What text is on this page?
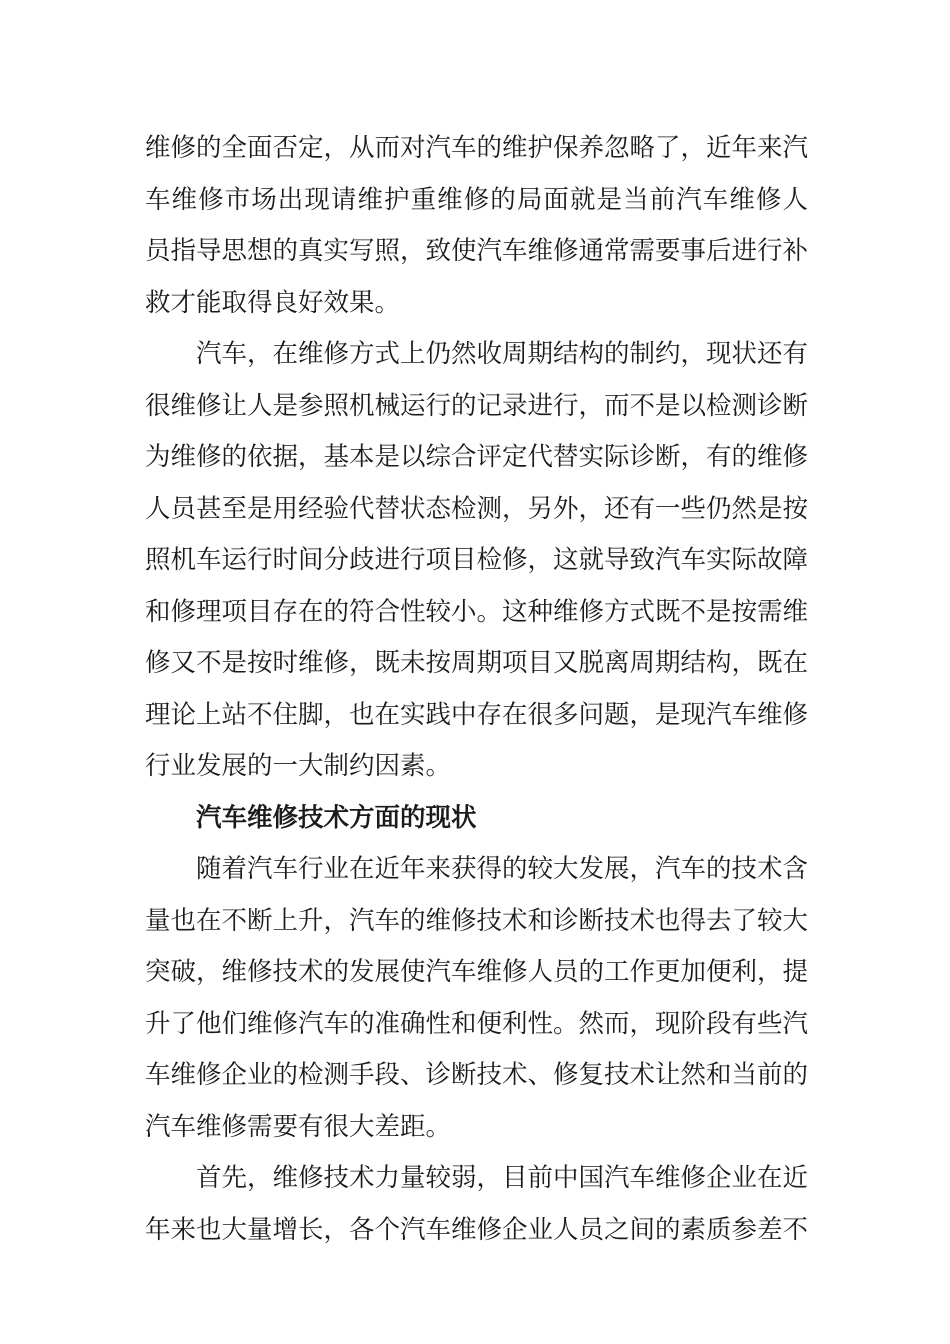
维修的全面否定，从而对汽车的维护保养忽略了，近年来汽
车维修市场出现请维护重维修的局面就是当前汽车维修人
员指导思想的真实写照，致使汽车维修通常需要事后进行补
救才能取得良好效果。
汽车，在维修方式上仍然收周期结构的制约，现状还有
很维修让人是参照机械运行的记录进行，而不是以检测诊断
为维修的依据，基本是以综合评定代替实际诊断，有的维修
人员甚至是用经验代替状态检测，另外，还有一些仍然是按
照机车运行时间分歧进行项目检修，这就导致汽车实际故障
和修理项目存在的符合性较小。这种维修方式既不是按需维
修又不是按时维修，既未按周期项目又脱离周期结构，既在
理论上站不住脚，也在实践中存在很多问题，是现汽车维修
行业发展的一大制约因素。
汽车维修技术方面的现状
随着汽车行业在近年来获得的较大发展，汽车的技术含
量也在不断上升，汽车的维修技术和诊断技术也得去了较大
突破，维修技术的发展使汽车维修人员的工作更加便利，提
升了他们维修汽车的准确性和便利性。然而，现阶段有些汽
车维修企业的检测手段、诊断技术、修复技术让然和当前的
汽车维修需要有很大差距。
首先，维修技术力量较弱，目前中国汽车维修企业在近
年来也大量增长，各个汽车维修企业人员之间的素质参差不
